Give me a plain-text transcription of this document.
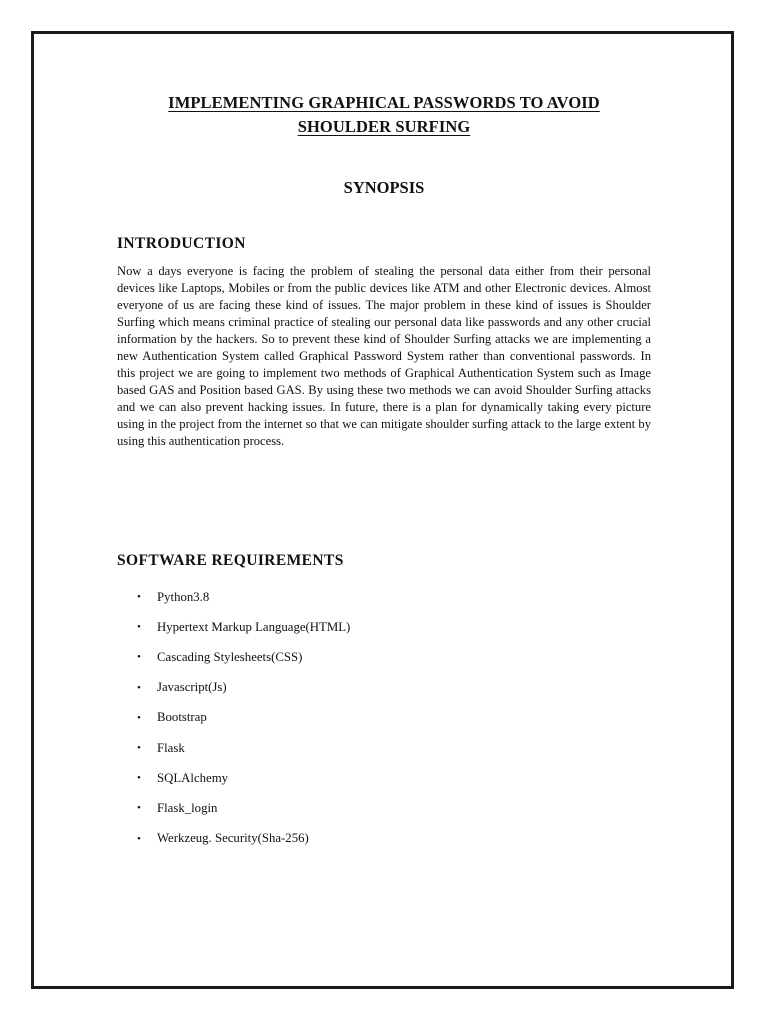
IMPLEMENTING GRAPHICAL PASSWORDS TO AVOID
SHOULDER SURFING
SYNOPSIS
INTRODUCTION

Now a days everyone is facing the problem of stealing the personal data either from their personal devices like Laptops, Mobiles or from the public devices like ATM and other Electronic devices. Almost everyone of us are facing these kind of issues. The major problem in these kind of issues is Shoulder Surfing which means criminal practice of stealing our personal data like passwords and any other crucial information by the hackers. So to prevent these kind of Shoulder Surfing attacks we are implementing a new Authentication System called Graphical Password System rather than conventional passwords. In this project we are going to implement two methods of Graphical Authentication System such as Image based GAS and Position based GAS. By using these two methods we can avoid Shoulder Surfing attacks and we can also prevent hacking issues. In future, there is a plan for dynamically taking every picture using in the project from the internet so that we can mitigate shoulder surfing attack to the large extent by using this authentication process.

SOFTWARE REQUIREMENTS
•	Python3.8
•	Hypertext Markup Language(HTML)
•	Cascading Stylesheets(CSS)
•	Javascript(Js)
•	Bootstrap
•	Flask
•	SQLAlchemy
•	Flask_login
•	Werkzeug. Security(Sha-256)
